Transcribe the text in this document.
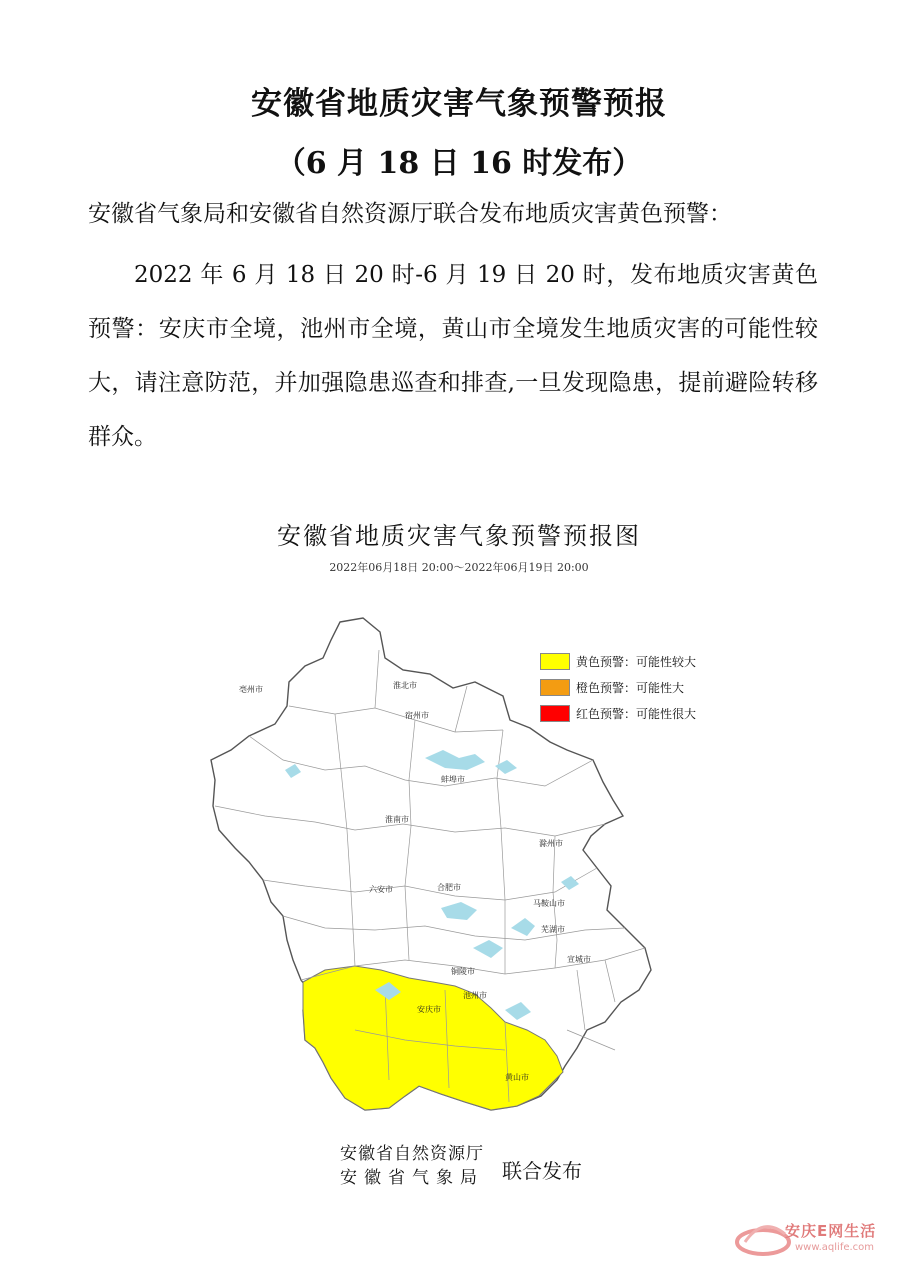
安徽省地质灾害气象预警预报
（6 月 18 日 16 时发布）
安徽省气象局和安徽省自然资源厅联合发布地质灾害黄色预警：
2022 年 6 月 18 日 20 时-6 月 19 日 20 时，发布地质灾害黄色预警：安庆市全境，池州市全境，黄山市全境发生地质灾害的可能性较大，请注意防范，并加强隐患巡查和排查,一旦发现隐患，提前避险转移群众。
安徽省地质灾害气象预警预报图
2022年06月18日 20:00～2022年06月19日 20:00
淮北市
宿州市
蚌埠市
淮南市
滁州市
六安市	合肥市
马鞍山市
芜湖市
铜陵市
宣城市
池州市
安庆市
黄山市
亳州市
黄色预警：可能性较大
橙色预警：可能性大
红色预警：可能性很大
安徽省自然资源厅
安徽省气象局 联合发布
安庆E网生活
www.aqlife.com
